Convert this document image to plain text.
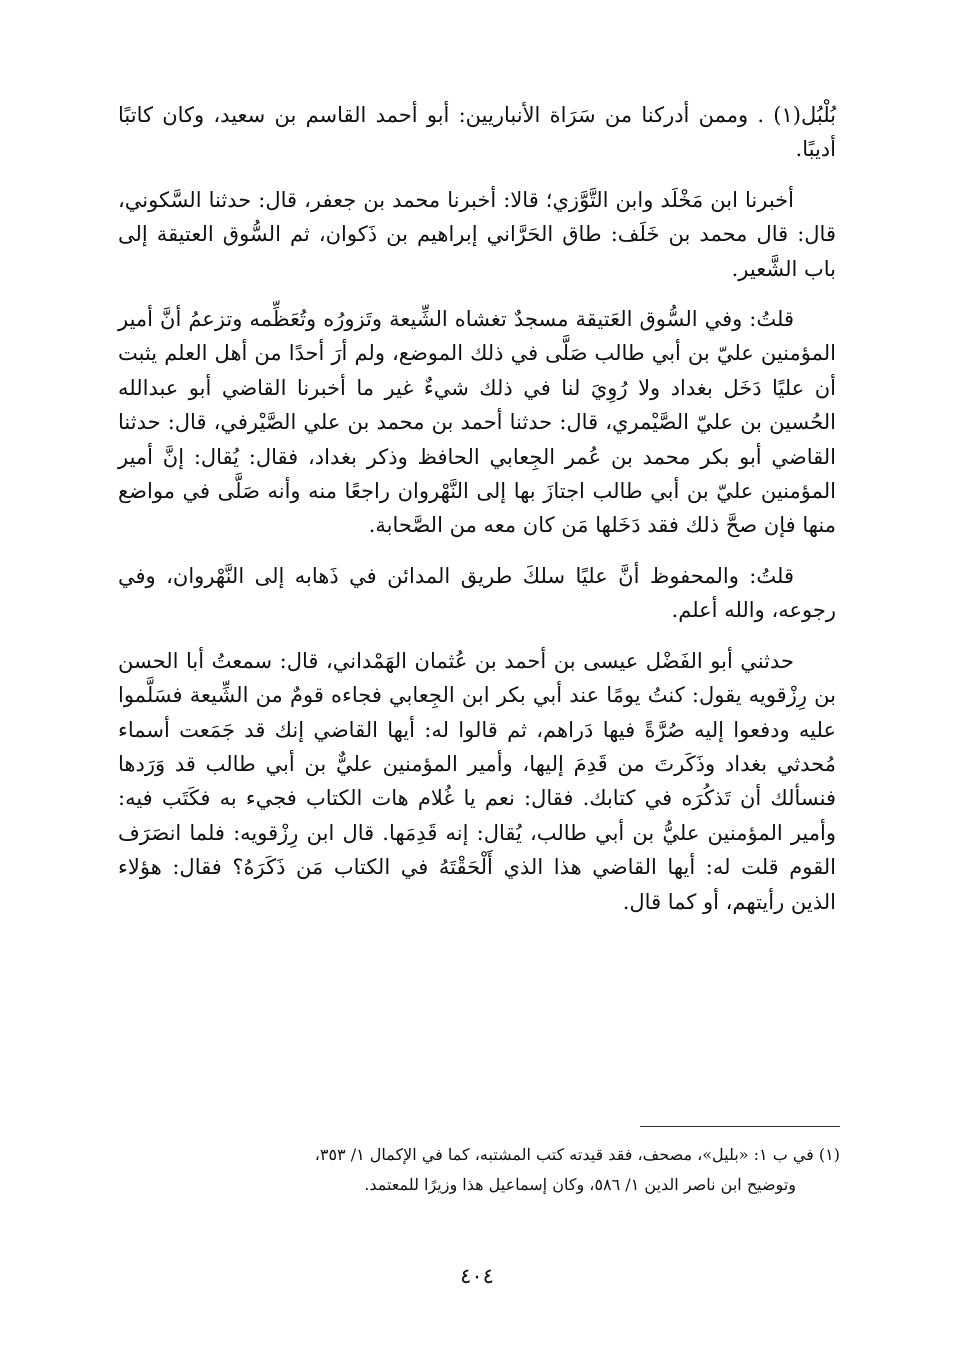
بُلْبُل(١) . وممن أدركنا من سَرَاة الأنباريين: أبو أحمد القاسم بن سعيد، وكان كاتبًا أديبًا.

أخبرنا ابن مَخْلَد وابن التَّوَّزي؛ قالا: أخبرنا محمد بن جعفر، قال: حدثنا السَّكوني، قال: قال محمد بن خَلَف: طاق الحَرَّاني إبراهيم بن ذَكوان، ثم السُّوق العتيقة إلى باب الشَّعير.

قلتُ: وفي السُّوق العَتيقة مسجدٌ تغشاه الشِّيعة وتَزورُه وتُعَظِّمه وتزعمُ أنَّ أمير المؤمنين عليّ بن أبي طالب صَلَّى في ذلك الموضع، ولم أرَ أحدًا من أهل العلم يثبت أن عليًا دَخَل بغداد ولا رُوِيَ لنا في ذلك شيءٌ غير ما أخبرنا القاضي أبو عبدالله الحُسين بن عليّ الصَّيْمري، قال: حدثنا أحمد بن محمد بن علي الصَّيْرفي، قال: حدثنا القاضي أبو بكر محمد بن عُمر الجِعابي الحافظ وذكر بغداد، فقال: يُقال: إنَّ أمير المؤمنين عليّ بن أبي طالب اجتازَ بها إلى النَّهْروان راجعًا منه وأنه صَلَّى في مواضع منها فإن صحَّ ذلك فقد دَخَلها مَن كان معه من الصَّحابة.

قلتُ: والمحفوظ أنَّ عليًا سلكَ طريق المدائن في ذَهابه إلى النَّهْروان، وفي رجوعه، والله أعلم.

حدثني أبو الفَضْل عيسى بن أحمد بن عُثمان الهَمْداني، قال: سمعتُ أبا الحسن بن رِزْقويه يقول: كنتُ يومًا عند أبي بكر ابن الجِعابي فجاءه قومٌ من الشِّيعة فسَلَّموا عليه ودفعوا إليه صُرَّةً فيها دَراهم، ثم قالوا له: أيها القاضي إنك قد جَمَعت أسماء مُحدثي بغداد وذَكَرتَ من قَدِمَ إليها، وأمير المؤمنين عليٌّ بن أبي طالب قد وَرَدها فنسألك أن تَذكُرَه في كتابك. فقال: نعم يا غُلام هات الكتاب فجيء به فكَتَب فيه: وأمير المؤمنين عليُّ بن أبي طالب، يُقال: إنه قَدِمَها. قال ابن رِزْقويه: فلما انصَرَف القوم قلت له: أيها القاضي هذا الذي أَلْحَقْتَهُ في الكتاب مَن ذَكَرَهُ؟ فقال: هؤلاء الذين رأيتهم، أو كما قال.

(١) في ب ١: «بليل»، مصحف، فقد قيدته كتب المشتبه، كما في الإكمال ١/ ٣٥٣،

وتوضيح ابن ناصر الدين ١/ ٥٨٦، وكان إسماعيل هذا وزيرًا للمعتمد.

٤٠٤
